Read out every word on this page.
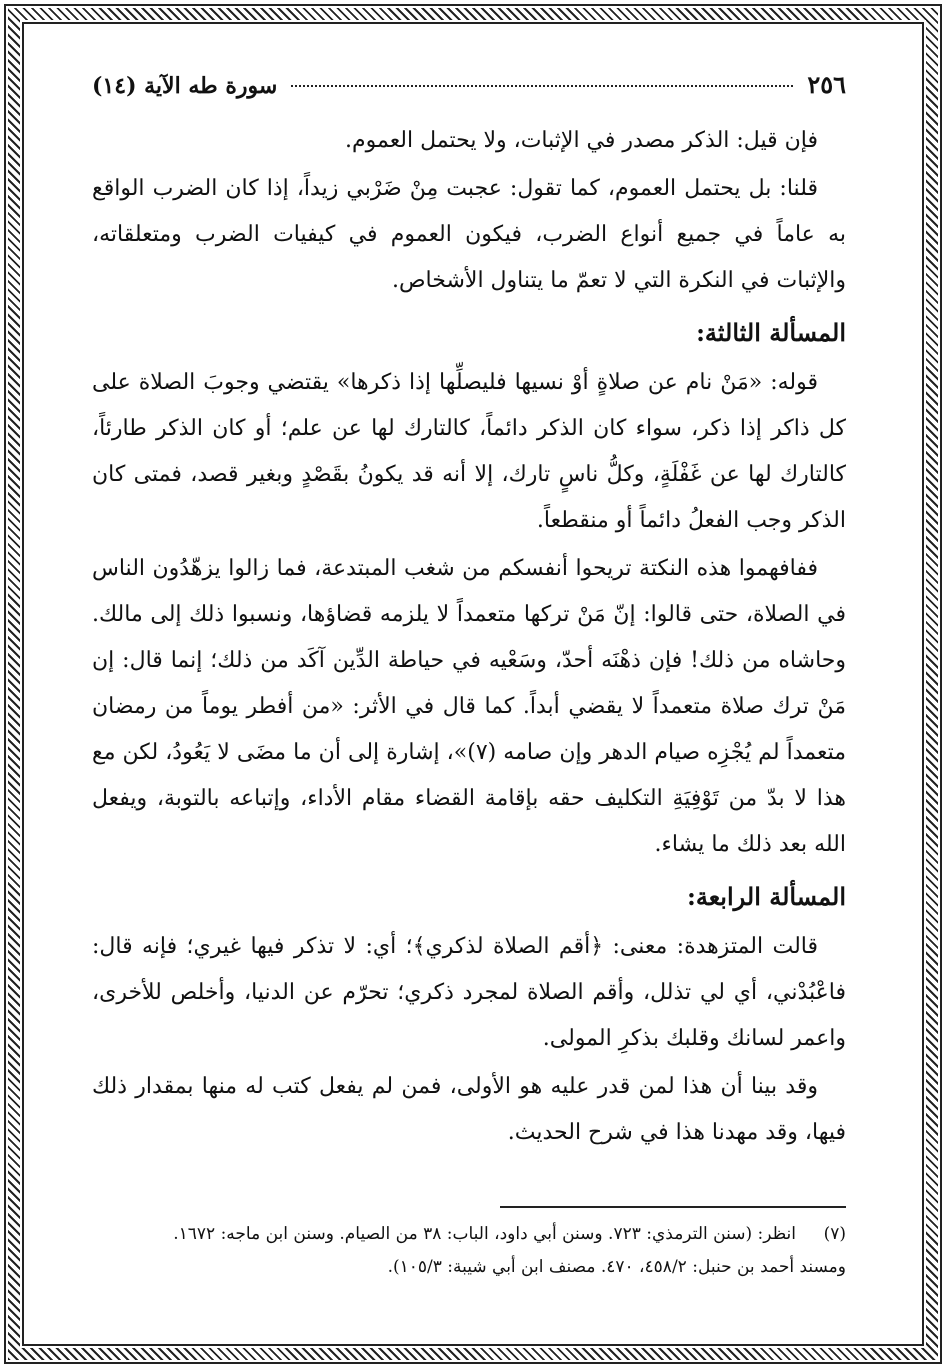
٢٥٦
سورة طه الآية (١٤)

فإن قيل: الذكر مصدر في الإثبات، ولا يحتمل العموم.

قلنا: بل يحتمل العموم، كما تقول: عجبت مِنْ ضَرْبي زيداً، إذا كان الضرب الواقع به عاماً في جميع أنواع الضرب، فيكون العموم في كيفيات الضرب ومتعلقاته، والإثبات في النكرة التي لا تعمّ ما يتناول الأشخاص.

المسألة الثالثة:

قوله: «مَنْ نام عن صلاةٍ أوْ نسيها فليصلِّها إذا ذكرها» يقتضي وجوبَ الصلاة على كل ذاكر إذا ذكر، سواء كان الذكر دائماً، كالتارك لها عن علم؛ أو كان الذكر طارئاً، كالتارك لها عن غَفْلَةٍ، وكلُّ ناسٍ تارك، إلا أنه قد يكونُ بقَصْدٍ وبغير قصد، فمتى كان الذكر وجب الفعلُ دائماً أو منقطعاً.

ففافهموا هذه النكتة تريحوا أنفسكم من شغب المبتدعة، فما زالوا يزهّدُون الناس في الصلاة، حتى قالوا: إنّ مَنْ تركها متعمداً لا يلزمه قضاؤها، ونسبوا ذلك إلى مالك. وحاشاه من ذلك! فإن ذهْنَه أحدّ، وسَعْيه في حياطة الدِّين آكَد من ذلك؛ إنما قال: إن مَنْ ترك صلاة متعمداً لا يقضي أبداً. كما قال في الأثر: «من أفطر يوماً من رمضان متعمداً لم يُجْزِه صيام الدهر وإن صامه (٧)»، إشارة إلى أن ما مضَى لا يَعُودُ، لكن مع هذا لا بدّ من تَوْفِيَةِ التكليف حقه بإقامة القضاء مقام الأداء، وإتباعه بالتوبة، ويفعل الله بعد ذلك ما يشاء.

المسألة الرابعة:

قالت المتزهدة: معنى: ﴿أقم الصلاة لذكري﴾؛ أي: لا تذكر فيها غيري؛ فإنه قال: فاعْبُدْني، أي لي تذلل، وأقم الصلاة لمجرد ذكري؛ تحرّم عن الدنيا، وأخلص للأخرى، واعمر لسانك وقلبك بذكرِ المولى.

وقد بينا أن هذا لمن قدر عليه هو الأولى، فمن لم يفعل كتب له منها بمقدار ذلك فيها، وقد مهدنا هذا في شرح الحديث.

(٧)انظر: (سنن الترمذي: ٧٢٣. وسنن أبي داود، الباب: ٣٨ من الصيام. وسنن ابن ماجه: ١٦٧٢.
ومسند أحمد بن حنبل: ٤٥٨/٢، ٤٧٠. مصنف ابن أبي شيبة: ١٠٥/٣).
